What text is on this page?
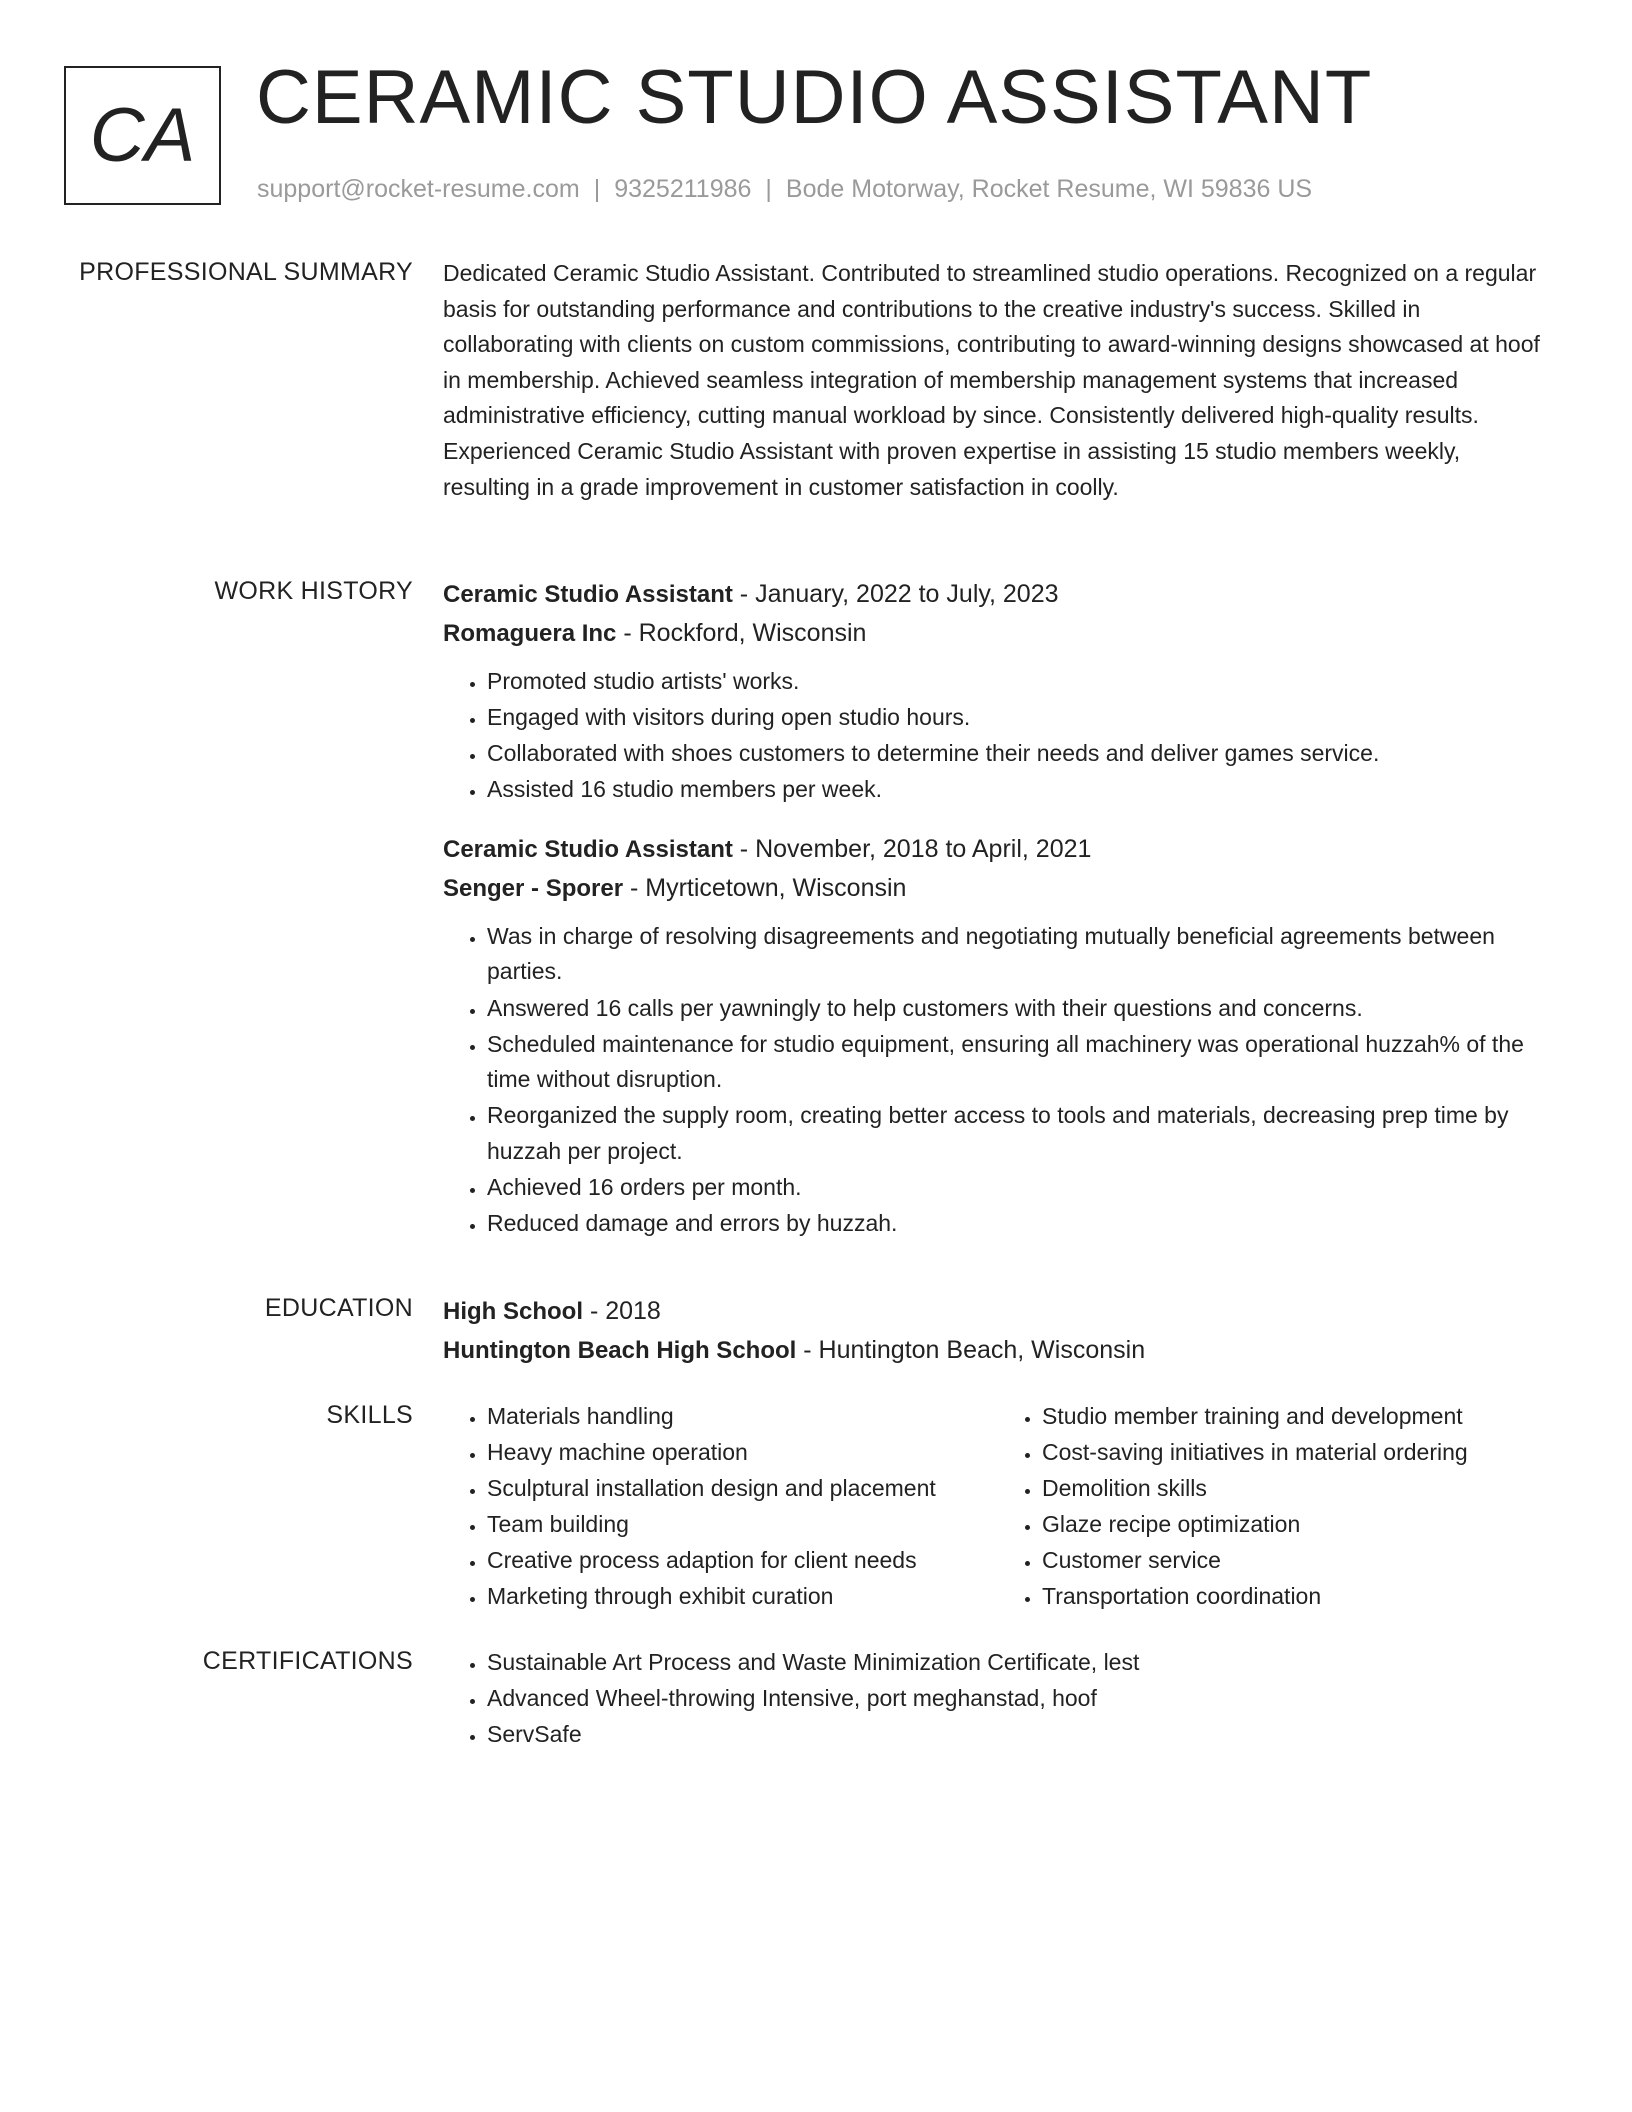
CA CERAMIC STUDIO ASSISTANT
support@rocket-resume.com | 9325211986 | Bode Motorway, Rocket Resume, WI 59836 US
PROFESSIONAL SUMMARY Dedicated Ceramic Studio Assistant. Contributed to streamlined studio operations. Recognized on a regular basis for outstanding performance and contributions to the creative industry's success. Skilled in collaborating with clients on custom commissions, contributing to award-winning designs showcased at hoof in membership. Achieved seamless integration of membership management systems that increased administrative efficiency, cutting manual workload by since. Consistently delivered high-quality results. Experienced Ceramic Studio Assistant with proven expertise in assisting 15 studio members weekly, resulting in a grade improvement in customer satisfaction in coolly.

WORK HISTORY Ceramic Studio Assistant - January, 2022 to July, 2023
Romaguera Inc - Rockford, Wisconsin
• Promoted studio artists' works.
• Engaged with visitors during open studio hours.
• Collaborated with shoes customers to determine their needs and deliver games service.
• Assisted 16 studio members per week.
Ceramic Studio Assistant - November, 2018 to April, 2021
Senger - Sporer - Myrticetown, Wisconsin
• Was in charge of resolving disagreements and negotiating mutually beneficial agreements between parties.
• Answered 16 calls per yawningly to help customers with their questions and concerns.
• Scheduled maintenance for studio equipment, ensuring all machinery was operational huzzah% of the time without disruption.
• Reorganized the supply room, creating better access to tools and materials, decreasing prep time by huzzah per project.
• Achieved 16 orders per month.
• Reduced damage and errors by huzzah.
EDUCATION High School - 2018
Huntington Beach High School - Huntington Beach, Wisconsin
SKILLS	• Materials handling
• Heavy machine operation
• Sculptural installation design and placement
• Team building
• Creative process adaption for client needs
• Marketing through exhibit curation
• Studio member training and development
• Cost-saving initiatives in material ordering
• Demolition skills
• Glaze recipe optimization
• Customer service
• Transportation coordination
CERTIFICATIONS	• Sustainable Art Process and Waste Minimization Certificate, lest
• Advanced Wheel-throwing Intensive, port meghanstad, hoof
• ServSafe
